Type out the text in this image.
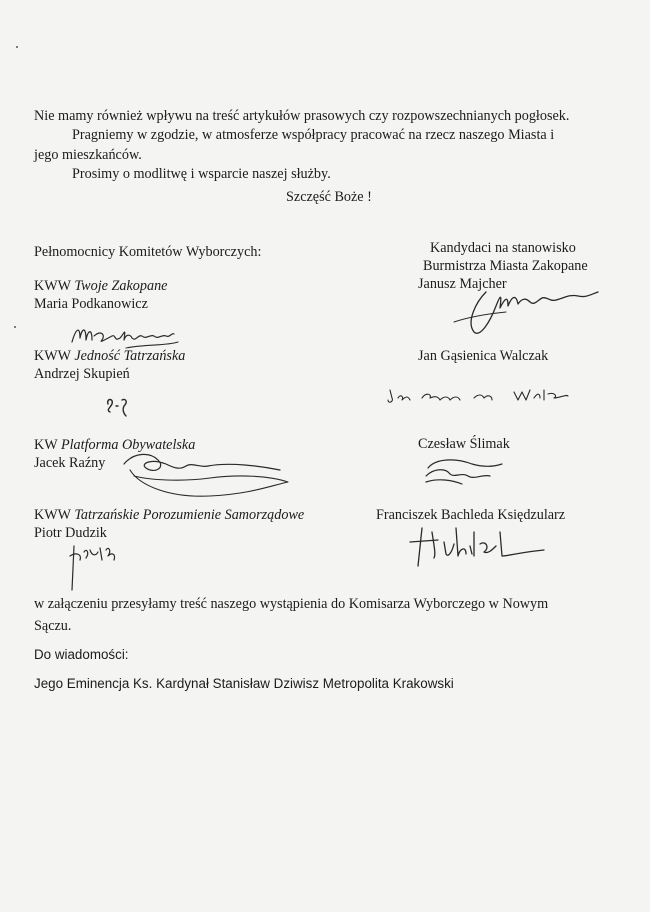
Nie mamy również wpływu na treść artykułów prasowych czy rozpowszechnianych pogłosek.
Pragniemy w zgodzie, w atmosferze współpracy pracować na rzecz naszego Miasta i
jego mieszkańców.
Prosimy o modlitwę i wsparcie naszej służby.
Szczęść Boże !
Pełnomocnicy Komitetów Wyborczych:
KWW Twoje Zakopane
Maria Podkanowicz
KWW Jedność Tatrzańska
Andrzej Skupień
KW Platforma Obywatelska
Jacek Raźny
KWW Tatrzańskie Porozumienie Samorządowe
Piotr Dudzik
Kandydaci na stanowisko
Burmistrza Miasta Zakopane
Janusz Majcher
Jan Gąsienica Walczak
Czesław Ślimak
Franciszek Bachleda Księdzularz
w załączeniu przesyłamy treść naszego wystąpienia do Komisarza Wyborczego w Nowym
Sączu.
Do wiadomości:
Jego Eminencja Ks. Kardynał Stanisław Dziwisz Metropolita Krakowski
